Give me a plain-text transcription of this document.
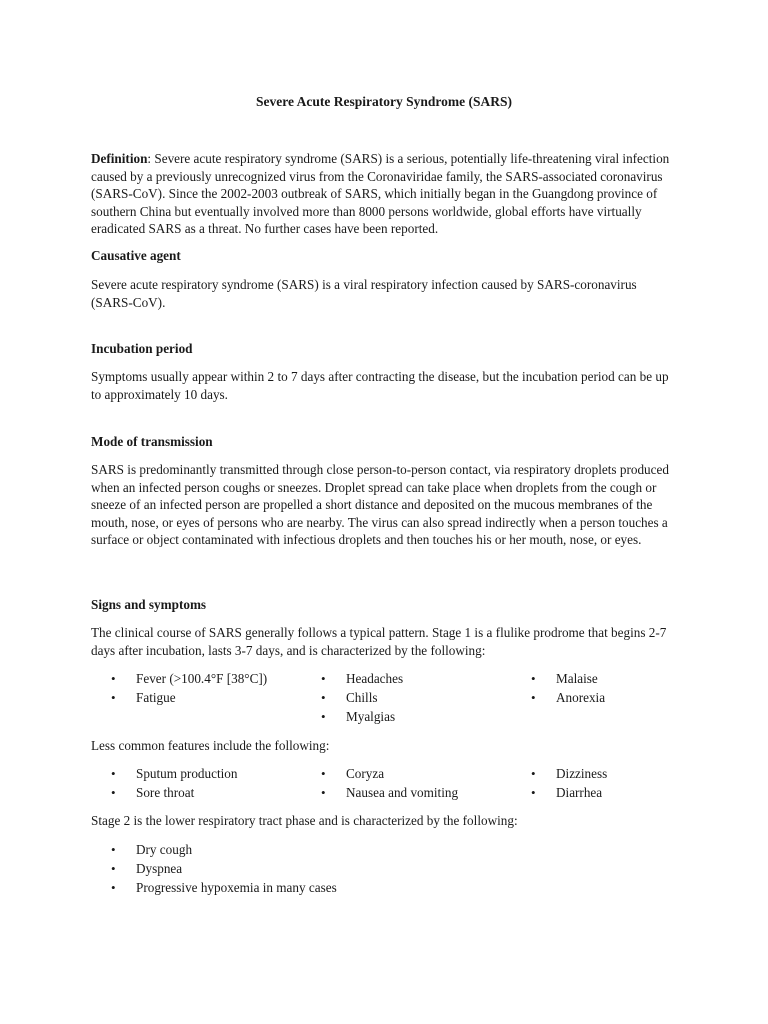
Severe Acute Respiratory Syndrome (SARS)

Definition: Severe acute respiratory syndrome (SARS) is a serious, potentially life-threatening viral infection caused by a previously unrecognized virus from the Coronaviridae family, the SARS-associated coronavirus (SARS-CoV). Since the 2002-2003 outbreak of SARS, which initially began in the Guangdong province of southern China but eventually involved more than 8000 persons worldwide, global efforts have virtually eradicated SARS as a threat. No further cases have been reported.

Causative agent

Severe acute respiratory syndrome (SARS) is a viral respiratory infection caused by SARS-coronavirus (SARS-CoV).

Incubation period

Symptoms usually appear within 2 to 7 days after contracting the disease, but the incubation period can be up to approximately 10 days.

Mode of transmission

SARS is predominantly transmitted through close person-to-person contact, via respiratory droplets produced when an infected person coughs or sneezes. Droplet spread can take place when droplets from the cough or sneeze of an infected person are propelled a short distance and deposited on the mucous membranes of the mouth, nose, or eyes of persons who are nearby. The virus can also spread indirectly when a person touches a surface or object contaminated with infectious droplets and then touches his or her mouth, nose, or eyes.

Signs and symptoms

The clinical course of SARS generally follows a typical pattern. Stage 1 is a flulike prodrome that begins 2-7 days after incubation, lasts 3-7 days, and is characterized by the following:

•	Fever (>100.4°F [38°C])
•	Fatigue
•	Headaches
•	Chills
•	Myalgias
•	Malaise
•	Anorexia

Less common features include the following:

•	Sputum production
•	Sore throat
•	Coryza
•	Nausea and vomiting
•	Dizziness
•	Diarrhea

Stage 2 is the lower respiratory tract phase and is characterized by the following:

•	Dry cough
•	Dyspnea
•	Progressive hypoxemia in many cases
